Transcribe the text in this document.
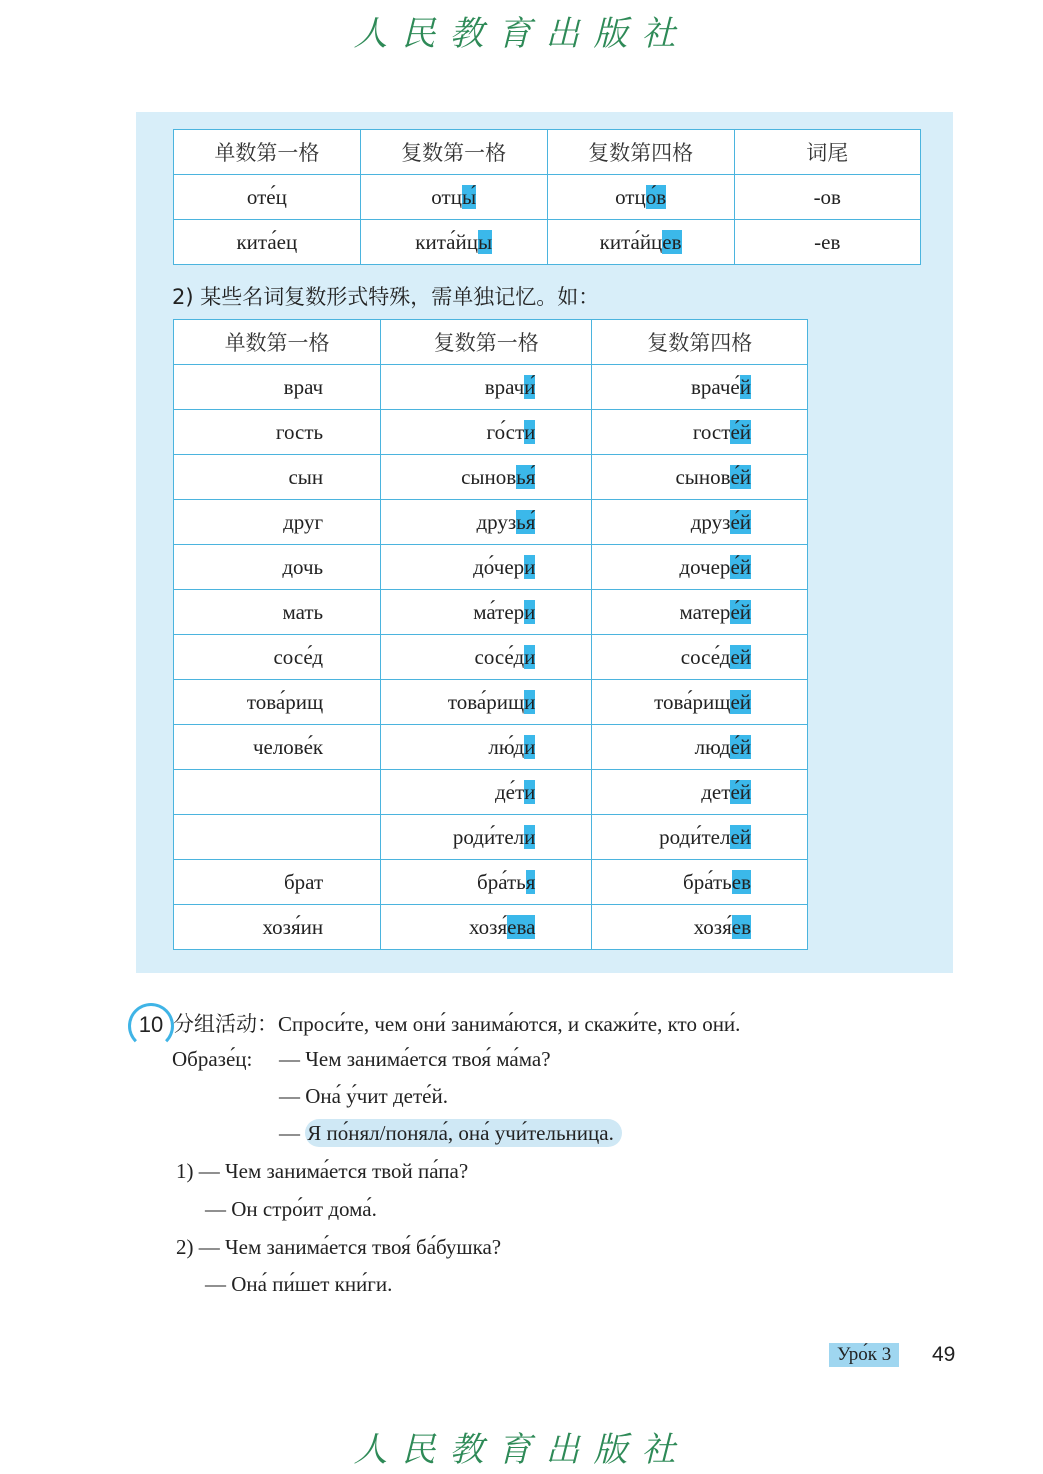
人民教育出版社
单数第一格	复数第一格	复数第四格	词尾
оте́ц	отцы́	отцо́в	-ов
кита́ец	кита́йцы	кита́йцев	-ев
2) 某些名词复数形式特殊，需单独记忆。如：
单数第一格	复数第一格	复数第四格
врач	врачи́	враче́й
гость	го́сти	госте́й
сын	сыновья́	сынове́й
друг	друзья́	друзе́й
дочь	до́чери	дочере́й
мать	ма́тери	матере́й
сосе́д	сосе́ди	сосе́дей
това́рищ	това́рищи	това́рищей
челове́к	лю́ди	люде́й
	де́ти	дете́й
	роди́тели	роди́телей
брат	бра́тья	бра́тьев
хозя́ин	хозя́ева	хозя́ев
10 分组活动：Спроси́те, чем они́ занима́ются, и скажи́те, кто они́.
Образе́ц: — Чем занима́ется твоя́ ма́ма?
— Она́ у́чит дете́й.
— Я по́нял/поняла́, она́ учи́тельница.
1) — Чем занима́ется твой па́па?
— Он стро́ит дома́.
2) — Чем занима́ется твоя́ ба́бушка?
— Она́ пи́шет кни́ги.
Уро́к 3	49
人民教育出版社
